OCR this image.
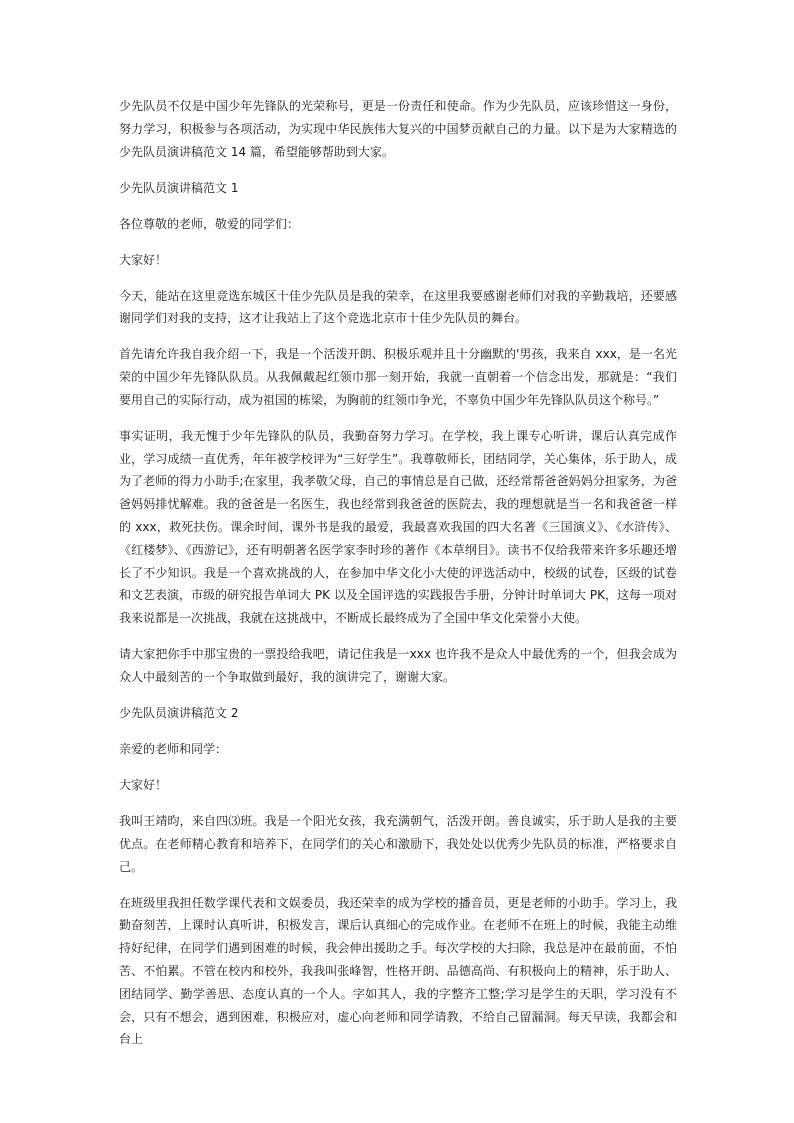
少先队员不仅是中国少年先锋队的光荣称号，更是一份责任和使命。作为少先队员，应该珍惜这一身份，努力学习，积极参与各项活动，为实现中华民族伟大复兴的中国梦贡献自己的力量。以下是为大家精选的少先队员演讲稿范文 14 篇，希望能够帮助到大家。

少先队员演讲稿范文 1

各位尊敬的老师，敬爱的同学们：

大家好！

今天，能站在这里竞选东城区十佳少先队员是我的荣幸，在这里我要感谢老师们对我的辛勤栽培，还要感谢同学们对我的支持，这才让我站上了这个竞选北京市十佳少先队员的舞台。

首先请允许我自我介绍一下，我是一个活泼开朗、积极乐观并且十分幽默的'男孩，我来自 xxx，是一名光荣的中国少年先锋队队员。从我佩戴起红领巾那一刻开始，我就一直朝着一个信念出发，那就是：“我们要用自己的实际行动，成为祖国的栋梁，为胸前的红领巾争光，不辜负中国少年先锋队队员这个称号。”

事实证明，我无愧于少年先锋队的队员，我勤奋努力学习。在学校，我上课专心听讲，课后认真完成作业，学习成绩一直优秀，年年被学校评为“三好学生”。我尊敬师长，团结同学，关心集体，乐于助人，成为了老师的得力小助手;在家里，我孝敬父母，自己的事情总是自己做，还经常帮爸爸妈妈分担家务，为爸爸妈妈排忧解难。我的爸爸是一名医生，我也经常到我爸爸的医院去，我的理想就是当一名和我爸爸一样的 xxx，救死扶伤。课余时间，课外书是我的最爱，我最喜欢我国的四大名著《三国演义》、《水浒传》、《红楼梦》、《西游记》，还有明朝著名医学家李时珍的著作《本草纲目》。读书不仅给我带来许多乐趣还增长了不少知识。我是一个喜欢挑战的人，在参加中华文化小大使的评选活动中，校级的试卷，区级的试卷和文艺表演，市级的研究报告单词大 PK 以及全国评选的实践报告手册，分钟计时单词大 PK，这每一项对我来说都是一次挑战，我就在这挑战中，不断成长最终成为了全国中华文化荣誉小大使。

请大家把你手中那宝贵的一票投给我吧，请记住我是一xxx 也许我不是众人中最优秀的一个，但我会成为众人中最刻苦的一个争取做到最好，我的演讲完了，谢谢大家。

少先队员演讲稿范文 2

亲爱的老师和同学：

大家好！

我叫王靖昀，来自四⑶班。我是一个阳光女孩，我充满朝气，活泼开朗。善良诚实，乐于助人是我的主要优点。在老师精心教育和培养下，在同学们的关心和激励下，我处处以优秀少先队员的标准，严格要求自己。

在班级里我担任数学课代表和文娱委员，我还荣幸的成为学校的播音员，更是老师的小助手。学习上，我勤奋刻苦，上课时认真听讲，积极发言，课后认真细心的完成作业。在老师不在班上的时候，我能主动维持好纪律，在同学们遇到困难的时候，我会伸出援助之手。每次学校的大扫除，我总是冲在最前面，不怕苦、不怕累。不管在校内和校外，我我叫张峰智，性格开朗、品德高尚、有积极向上的精神，乐于助人、团结同学、勤学善思、态度认真的一个人。字如其人，我的字整齐工整;学习是学生的天职，学习没有不会，只有不想会，遇到困难，积极应对，虚心向老师和同学请教，不给自己留漏洞。每天早读，我都会和台上
